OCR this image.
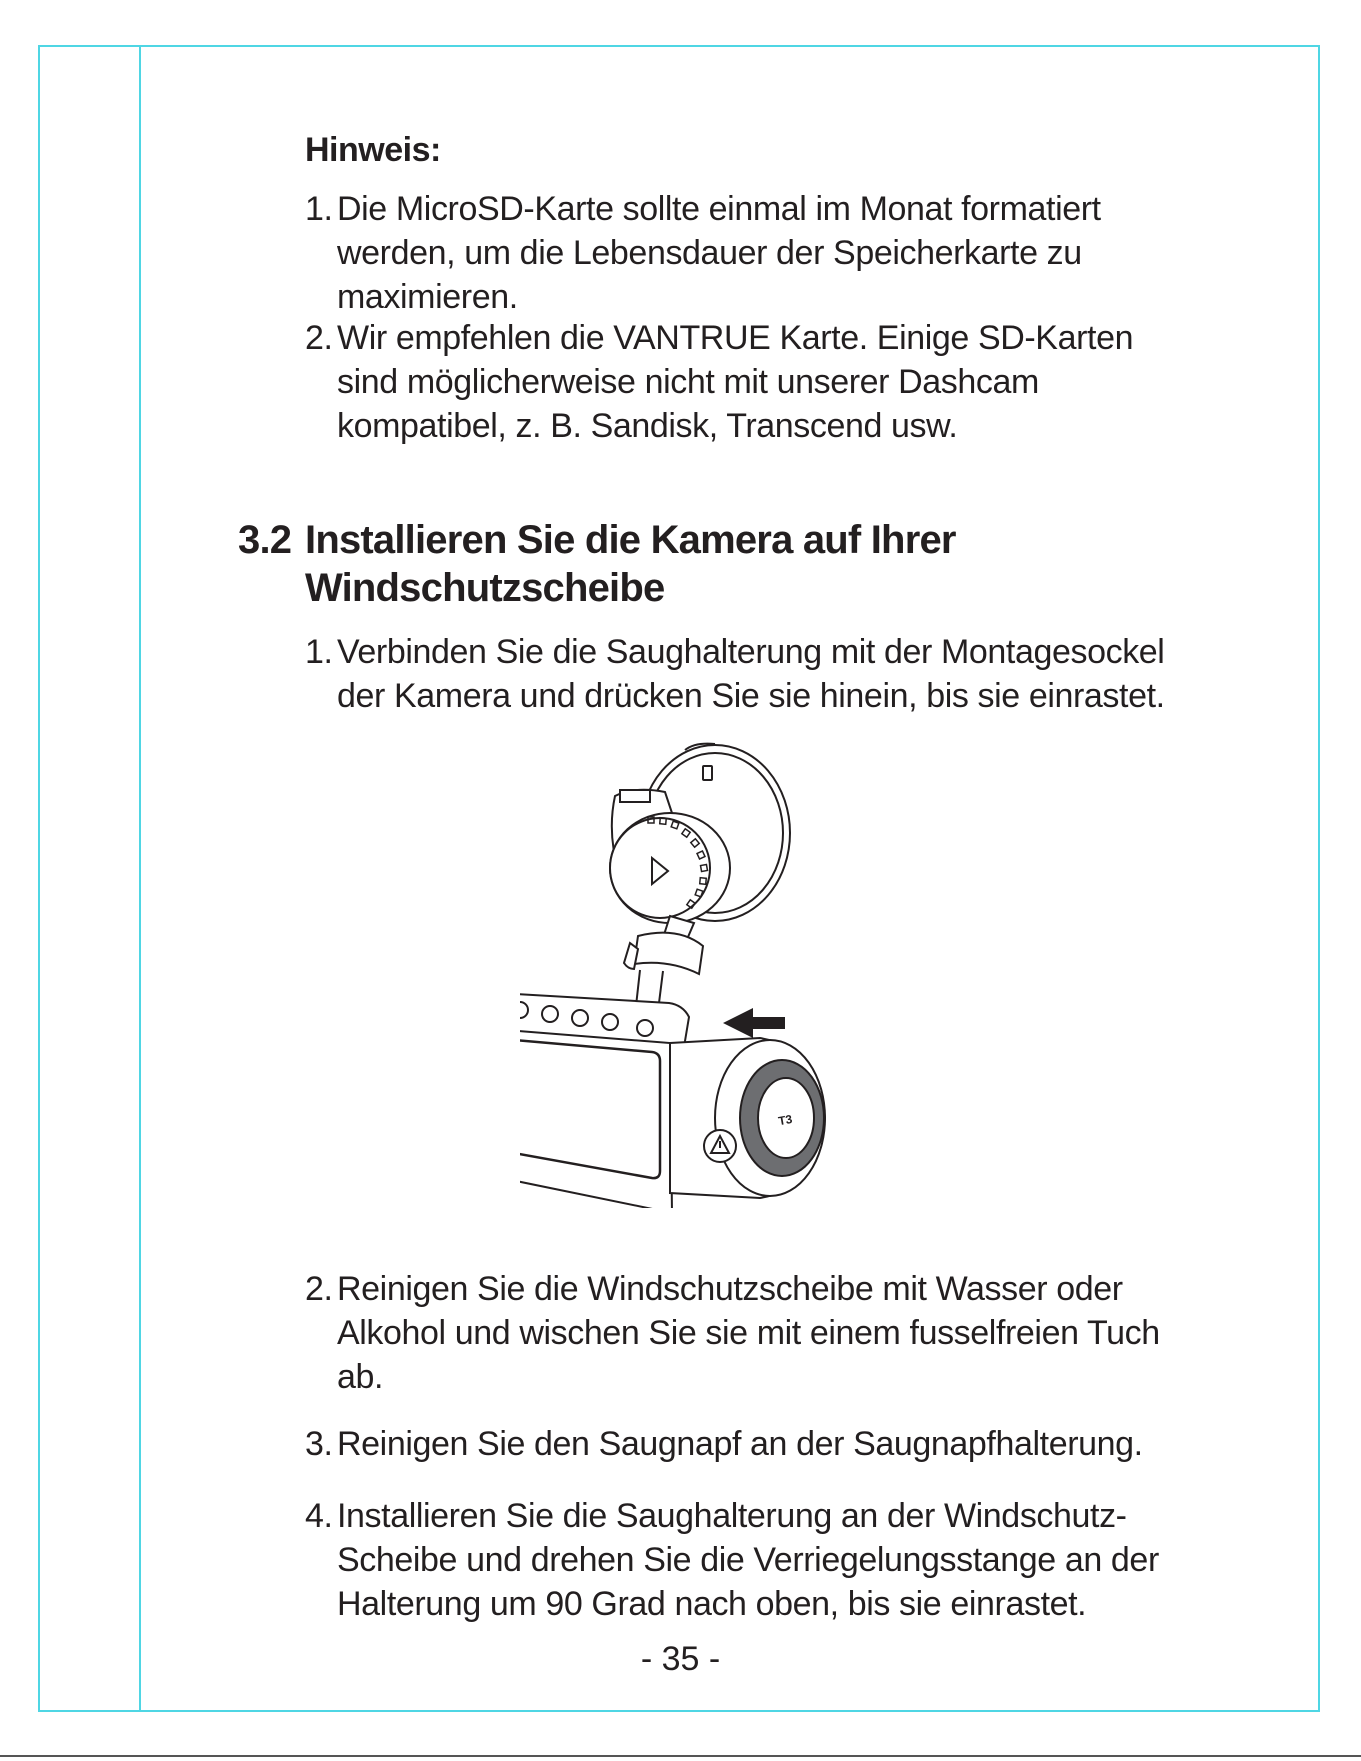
Hinweis:
1. Die MicroSD-Karte sollte einmal im Monat formatiert
werden, um die Lebensdauer der Speicherkarte zu
maximieren.
2. Wir empfehlen die VANTRUE Karte. Einige SD-Karten
sind möglicherweise nicht mit unserer Dashcam
kompatibel, z. B. Sandisk, Transcend usw.
3.2 Installieren Sie die Kamera auf Ihrer
Windschutzscheibe
1. Verbinden Sie die Saughalterung mit der Montagesockel
der Kamera und drücken Sie sie hinein, bis sie einrastet.
T3
2. Reinigen Sie die Windschutzscheibe mit Wasser oder
Alkohol und wischen Sie sie mit einem fusselfreien Tuch
ab.
3. Reinigen Sie den Saugnapf an der Saugnapfhalterung.
4. Installieren Sie die Saughalterung an der Windschutz-
Scheibe und drehen Sie die Verriegelungsstange an der
Halterung um 90 Grad nach oben, bis sie einrastet.
- 35 -
